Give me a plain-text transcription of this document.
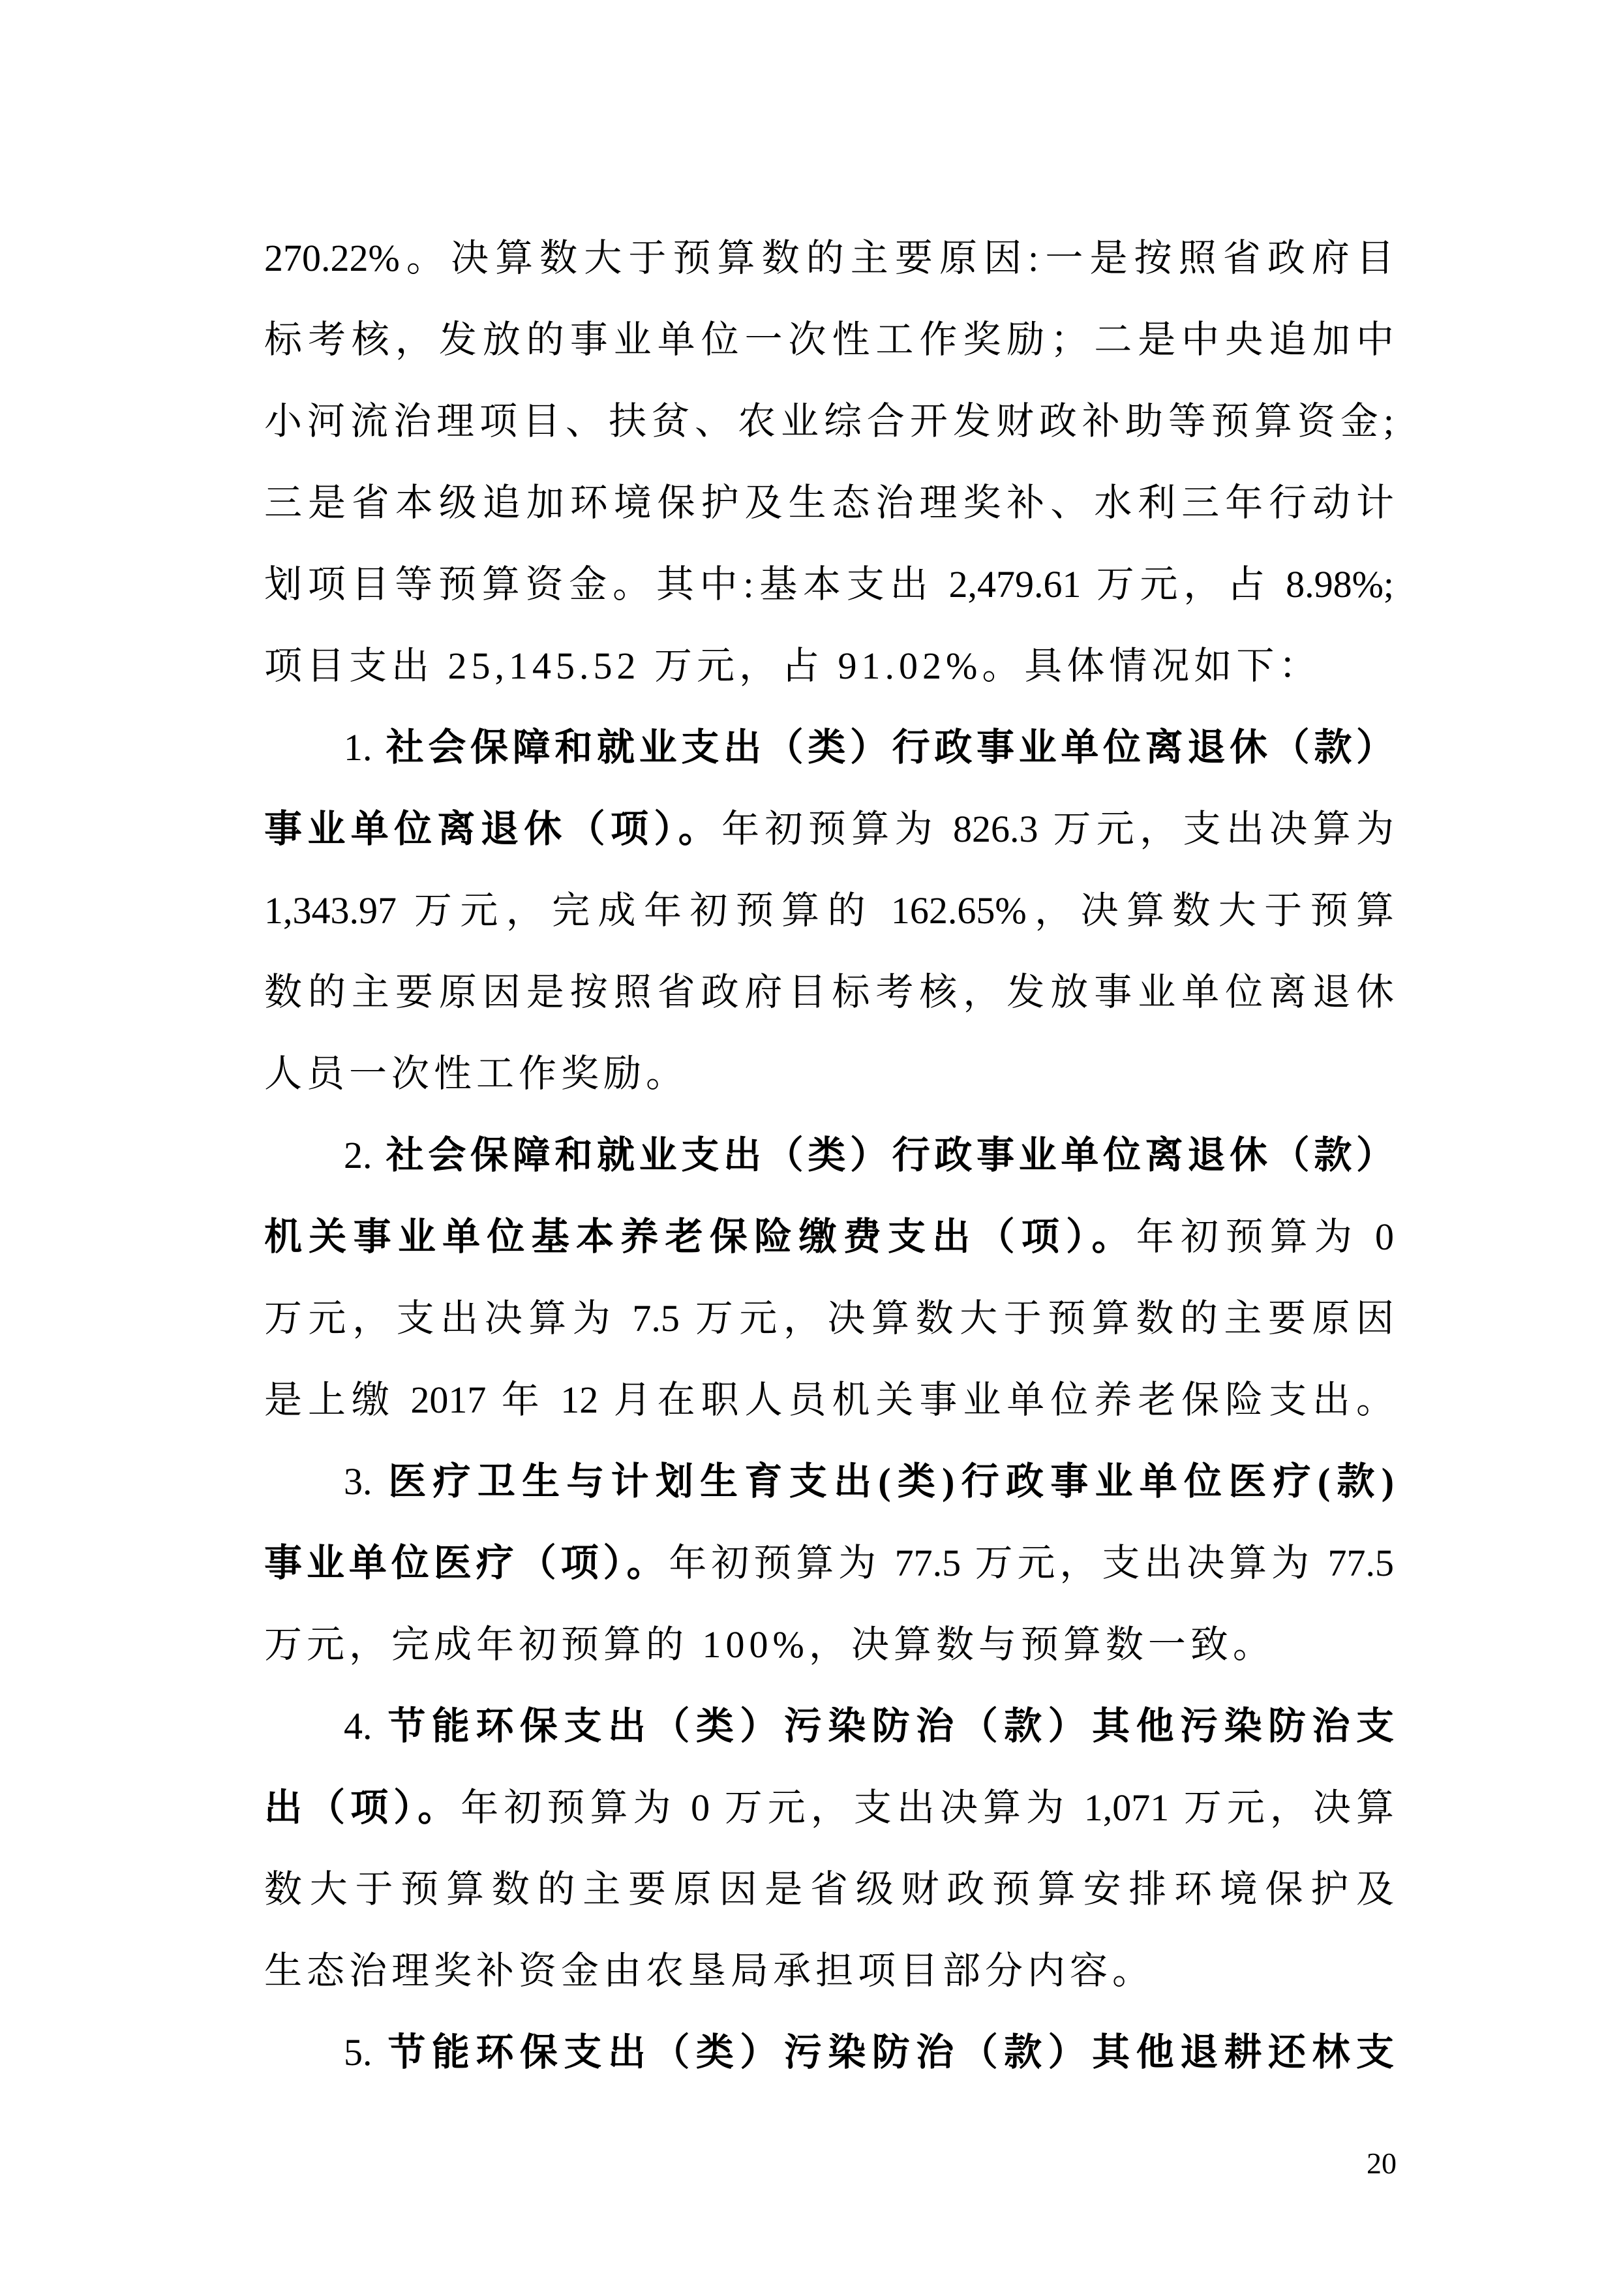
270.22%。决算数大于预算数的主要原因:一是按照省政府目
标考核，发放的事业单位一次性工作奖励；二是中央追加中
小河流治理项目、扶贫、农业综合开发财政补助等预算资金;
三是省本级追加环境保护及生态治理奖补、水利三年行动计
划项目等预算资金。其中:基本支出 2,479.61 万元，占 8.98%;
项目支出 25,145.52 万元，占 91.02%。具体情况如下：
1. 社会保障和就业支出（类）行政事业单位离退休（款）
事业单位离退休（项）。年初预算为 826.3 万元，支出决算为
1,343.97 万元，完成年初预算的 162.65%，决算数大于预算
数的主要原因是按照省政府目标考核，发放事业单位离退休
人员一次性工作奖励。
2. 社会保障和就业支出（类）行政事业单位离退休（款）
机关事业单位基本养老保险缴费支出（项）。年初预算为 0
万元，支出决算为 7.5 万元，决算数大于预算数的主要原因
是上缴 2017 年 12 月在职人员机关事业单位养老保险支出。
3. 医疗卫生与计划生育支出(类)行政事业单位医疗(款)
事业单位医疗（项）。年初预算为 77.5 万元，支出决算为 77.5
万元，完成年初预算的 100%，决算数与预算数一致。
4. 节能环保支出（类）污染防治（款）其他污染防治支
出（项）。年初预算为 0 万元，支出决算为 1,071 万元，决算
数大于预算数的主要原因是省级财政预算安排环境保护及
生态治理奖补资金由农垦局承担项目部分内容。
5. 节能环保支出（类）污染防治（款）其他退耕还林支
20
